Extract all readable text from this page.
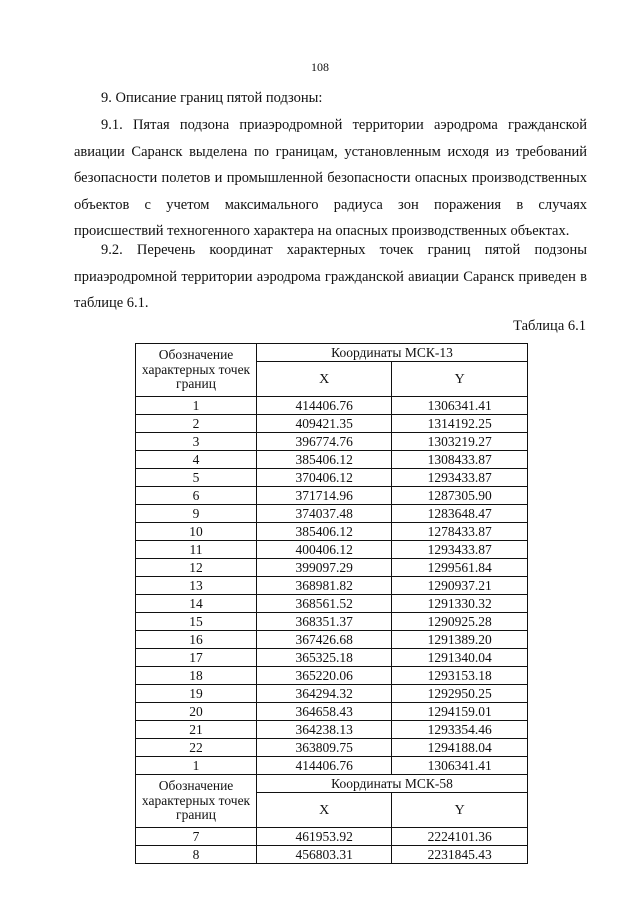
108
9. Описание границ пятой подзоны:

9.1. Пятая подзона приаэродромной территории аэродрома гражданской авиации Саранск выделена по границам, установленным исходя из требований безопасности полетов и промышленной безопасности опасных производственных объектов с учетом максимального радиуса зон поражения в случаях происшествий техногенного характера на опасных производственных объектах.

9.2. Перечень координат характерных точек границ пятой подзоны приаэродромной территории аэродрома гражданской авиации Саранск приведен в таблице 6.1.

Таблица 6.1
Обозначение характерных точек границ	Координаты МСК-13	
	X	Y
1	414406.76	1306341.41
2	409421.35	1314192.25
3	396774.76	1303219.27
4	385406.12	1308433.87
5	370406.12	1293433.87
6	371714.96	1287305.90
9	374037.48	1283648.47
10	385406.12	1278433.87
11	400406.12	1293433.87
12	399097.29	1299561.84
13	368981.82	1290937.21
14	368561.52	1291330.32
15	368351.37	1290925.28
16	367426.68	1291389.20
17	365325.18	1291340.04
18	365220.06	1293153.18
19	364294.32	1292950.25
20	364658.43	1294159.01
21	364238.13	1293354.46
22	363809.75	1294188.04
1	414406.76	1306341.41
Обозначение характерных точек границ	Координаты МСК-58	
	X	Y
7	461953.92	2224101.36
8	456803.31	2231845.43
